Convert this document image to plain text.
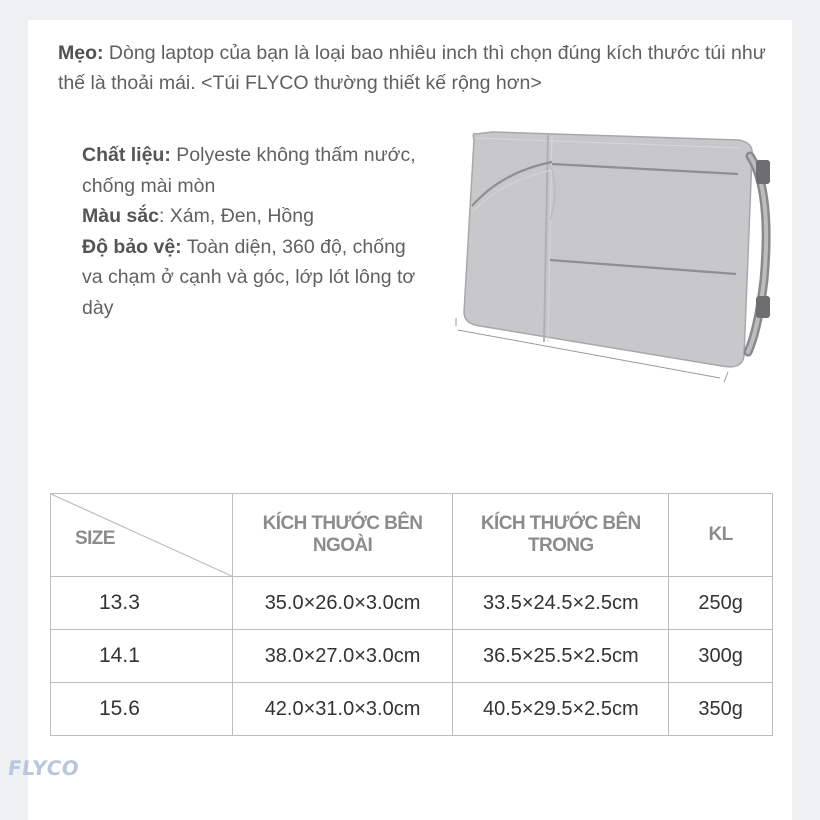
Mẹo: Dòng laptop của bạn là loại bao nhiêu inch thì chọn đúng kích thước túi như thế là thoải mái. <Túi FLYCO thường thiết kế rộng hơn>

Chất liệu: Polyeste không thấm nước, chống mài mòn
Màu sắc: Xám, Đen, Hồng
Độ bảo vệ: Toàn diện, 360 độ, chống va chạm ở cạnh và góc, lớp lót lông tơ dày
SIZE	KÍCH THƯỚC BÊN NGOÀI	KÍCH THƯỚC BÊN TRONG	KL
13.3	35.0×26.0×3.0cm	33.5×24.5×2.5cm	250g
14.1	38.0×27.0×3.0cm	36.5×25.5×2.5cm	300g
15.6	42.0×31.0×3.0cm	40.5×29.5×2.5cm	350g
FLYCO
